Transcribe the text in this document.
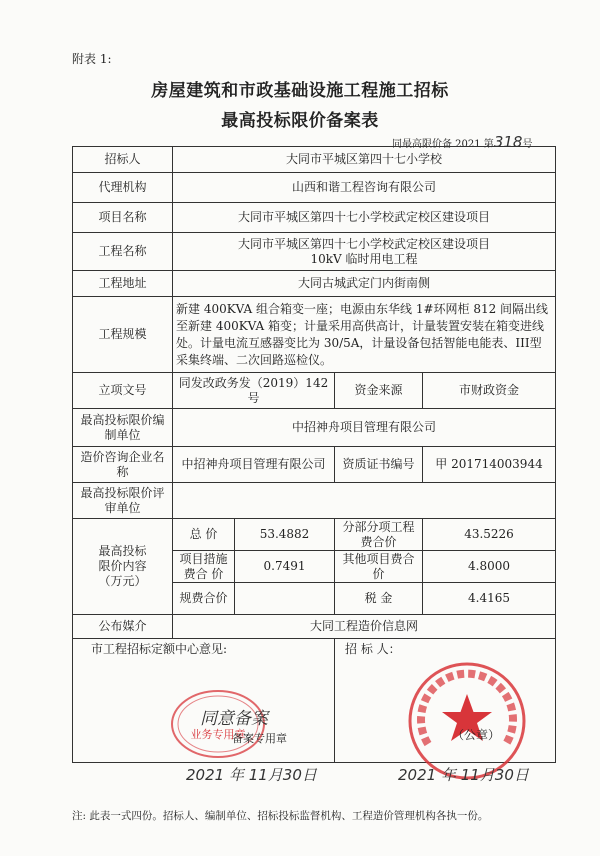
附表 1:
房屋建筑和市政基础设施工程施工招标
最高投标限价备案表
同最高限价备 2021 第318号
招标人	大同市平城区第四十七小学校			
代理机构	山西和谐工程咨询有限公司			
项目名称	大同市平城区第四十七小学校武定校区建设项目			
工程名称	大同市平城区第四十七小学校武定校区建设项目
10kV 临时用电工程			

工程地址	大同古城武定门内街南侧			
工程规模	新建 400KVA 组合箱变一座；电源由东华线 1#环网柜 812 间隔出线至新建 400KVA 箱变；计量采用高供高计，计量装置安装在箱变进线处。计量电流互感器变比为 30/5A，计量设备包括智能电能表、III型采集终端、二次回路巡检仪。			
立项文号	同发改政务发（2019）142 号		资金来源	市财政资金
最高投标限价编制单位	中招神舟项目管理有限公司			
造价咨询企业名称	中招神舟项目管理有限公司		资质证书编号	甲 201714003944
最高投标限价评审单位				

最高投标
限价内容
（万元）	总 价	53.4882	分部分项工程费合价	43.5226
	项目措施费合 价	0.7491	其他项目费合价	4.8000
	规费合价		税 金	4.4165
公布媒介	大同工程造价信息网			

市工程招标定额中心意见:			招 标 人：	
业务专用章
同意备案
备案专用章	（公章）
2021 年 11月30日	2021 年 11月30日
注: 此表一式四份。招标人、编制单位、招标投标监督机构、工程造价管理机构各执一份。
